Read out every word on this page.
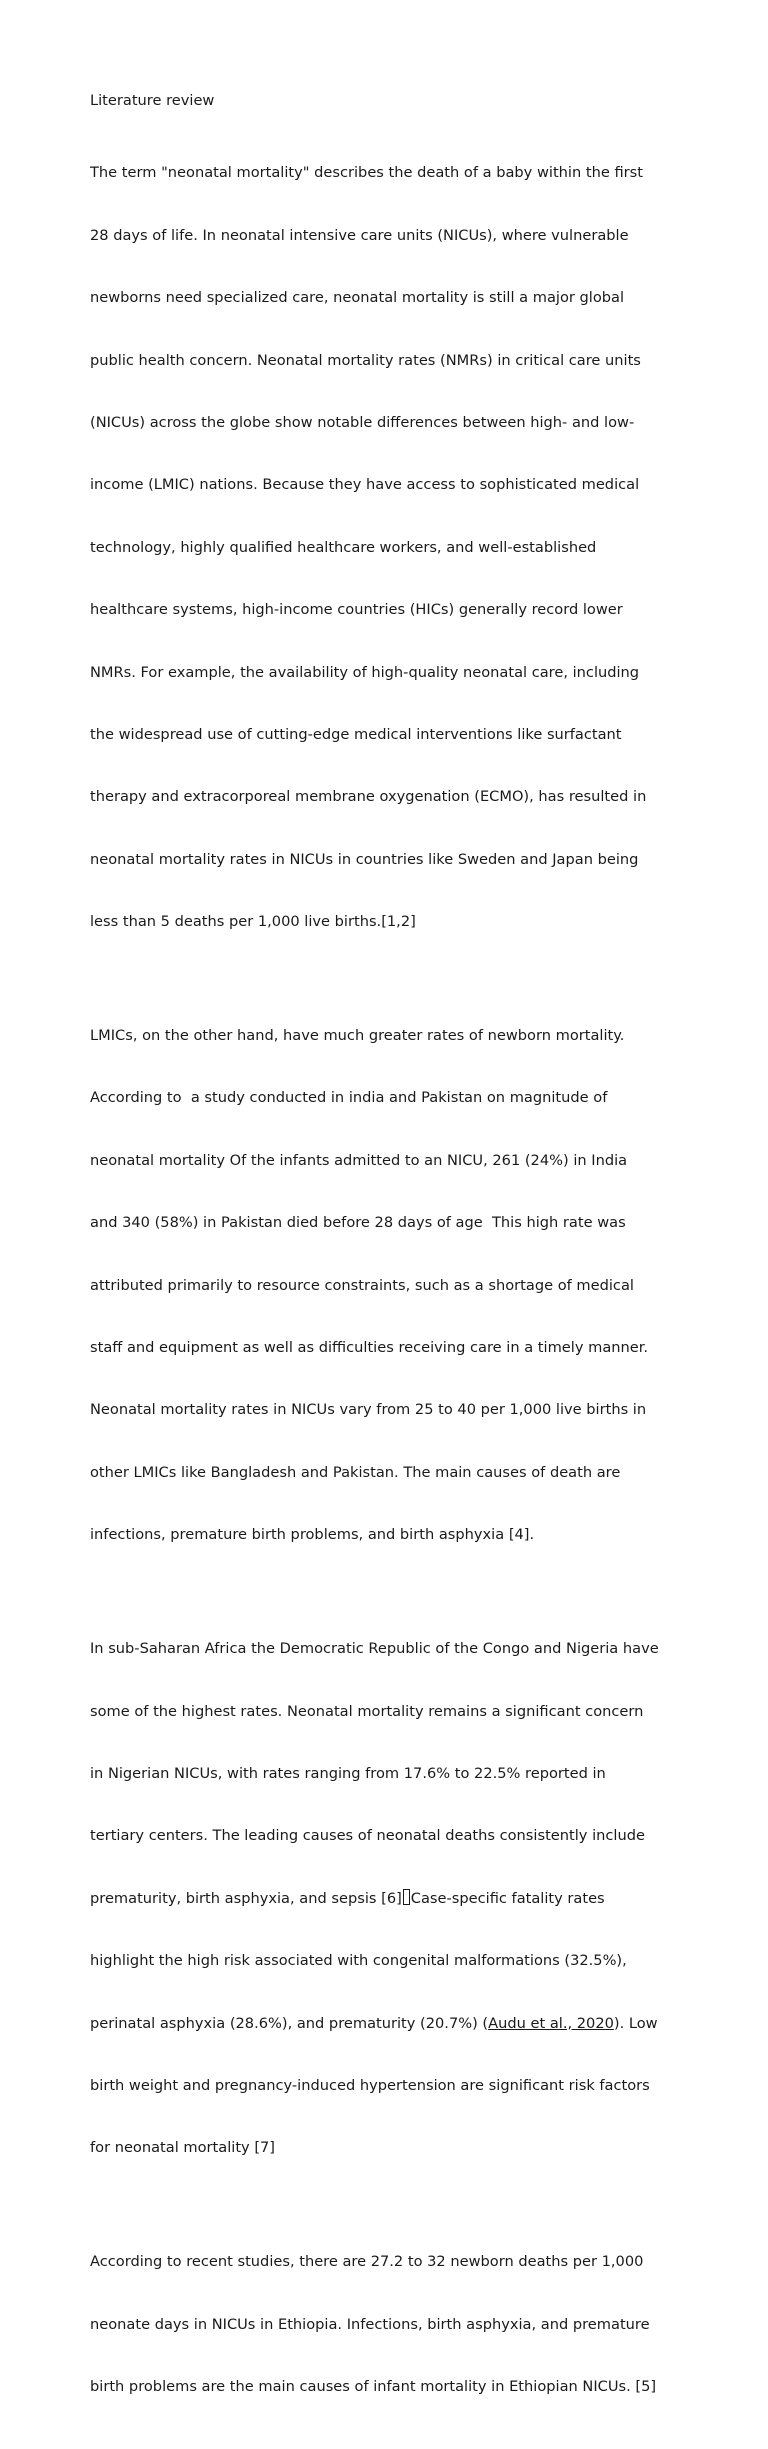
Literature review

The term "neonatal mortality" describes the death of a baby within the first

28 days of life. In neonatal intensive care units (NICUs), where vulnerable

newborns need specialized care, neonatal mortality is still a major global

public health concern. Neonatal mortality rates (NMRs) in critical care units

(NICUs) across the globe show notable differences between high- and low-

income (LMIC) nations. Because they have access to sophisticated medical

technology, highly qualified healthcare workers, and well-established

healthcare systems, high-income countries (HICs) generally record lower

NMRs. For example, the availability of high-quality neonatal care, including

the widespread use of cutting-edge medical interventions like surfactant

therapy and extracorporeal membrane oxygenation (ECMO), has resulted in

neonatal mortality rates in NICUs in countries like Sweden and Japan being

less than 5 deaths per 1,000 live births.[1,2]

LMICs, on the other hand, have much greater rates of newborn mortality.

According to  a study conducted in india and Pakistan on magnitude of

neonatal mortality Of the infants admitted to an NICU, 261 (24%) in India

and 340 (58%) in Pakistan died before 28 days of age  This high rate was

attributed primarily to resource constraints, such as a shortage of medical

staff and equipment as well as difficulties receiving care in a timely manner.

Neonatal mortality rates in NICUs vary from 25 to 40 per 1,000 live births in

other LMICs like Bangladesh and Pakistan. The main causes of death are

infections, premature birth problems, and birth asphyxia [4].

In sub-Saharan Africa the Democratic Republic of the Congo and Nigeria have

some of the highest rates. Neonatal mortality remains a significant concern

in Nigerian NICUs, with rates ranging from 17.6% to 22.5% reported in

tertiary centers. The leading causes of neonatal deaths consistently include

prematurity, birth asphyxia, and sepsis [6] Case-specific fatality rates

highlight the high risk associated with congenital malformations (32.5%),

perinatal asphyxia (28.6%), and prematurity (20.7%) (Audu et al., 2020). Low

birth weight and pregnancy-induced hypertension are significant risk factors

for neonatal mortality [7]

According to recent studies, there are 27.2 to 32 newborn deaths per 1,000

neonate days in NICUs in Ethiopia. Infections, birth asphyxia, and premature

birth problems are the main causes of infant mortality in Ethiopian NICUs. [5]
